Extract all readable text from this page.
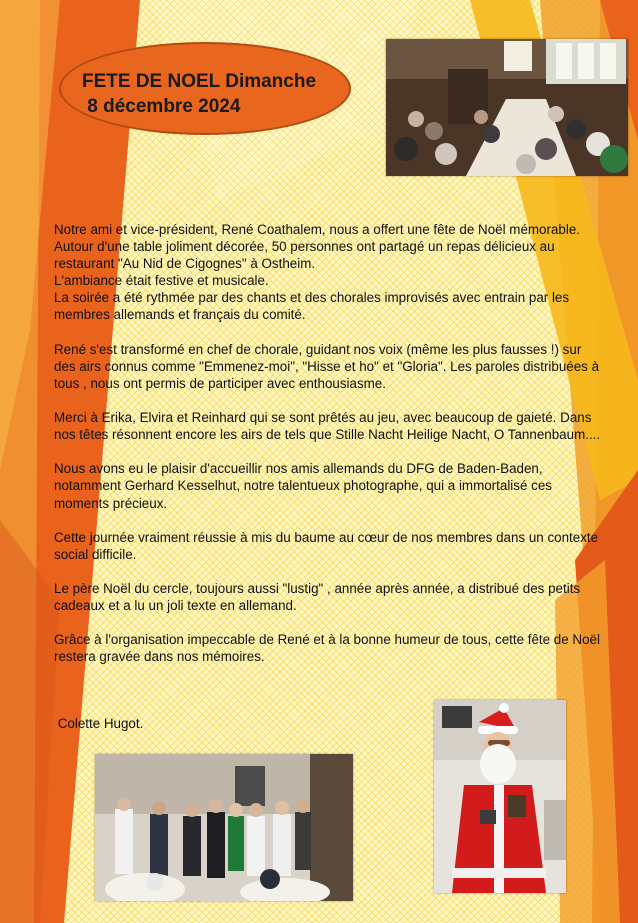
FETE DE NOEL Dimanche
8 décembre 2024

Notre ami et vice-président, René Coathalem, nous a offert une fête de Noël mémorable.
Autour d'une table joliment décorée, 50 personnes ont partagé un repas délicieux au restaurant "Au Nid de Cigognes" à Ostheim.
L'ambiance était festive et musicale.
La soirée a été rythmée par des chants et des chorales improvisés avec entrain par les membres allemands et français du comité.

René s'est transformé en chef de chorale, guidant nos voix (même les plus fausses !) sur des airs connus comme "Emmenez-moi", "Hisse et ho" et "Gloria". Les paroles distribuées à tous , nous ont permis de participer avec enthousiasme.

Merci à Erika, Elvira et Reinhard qui se sont prêtés au jeu, avec beaucoup de gaieté. Dans nos têtes résonnent encore les airs de tels que Stille Nacht Heilige Nacht, O Tannenbaum....

Nous avons eu le plaisir d'accueillir nos amis allemands du DFG de Baden-Baden, notamment Gerhard Kesselhut, notre talentueux photographe, qui a immortalisé ces moments précieux.

Cette journée vraiment réussie à mis du baume au cœur de nos membres dans un contexte social difficile.

Le père Noël du cercle, toujours aussi "lustig" , année après année, a distribué des petits cadeaux et a lu un joli texte en allemand.

Grâce à l'organisation impeccable de René et à la bonne humeur de tous, cette fête de Noël restera gravée dans nos mémoires.

Colette Hugot.
